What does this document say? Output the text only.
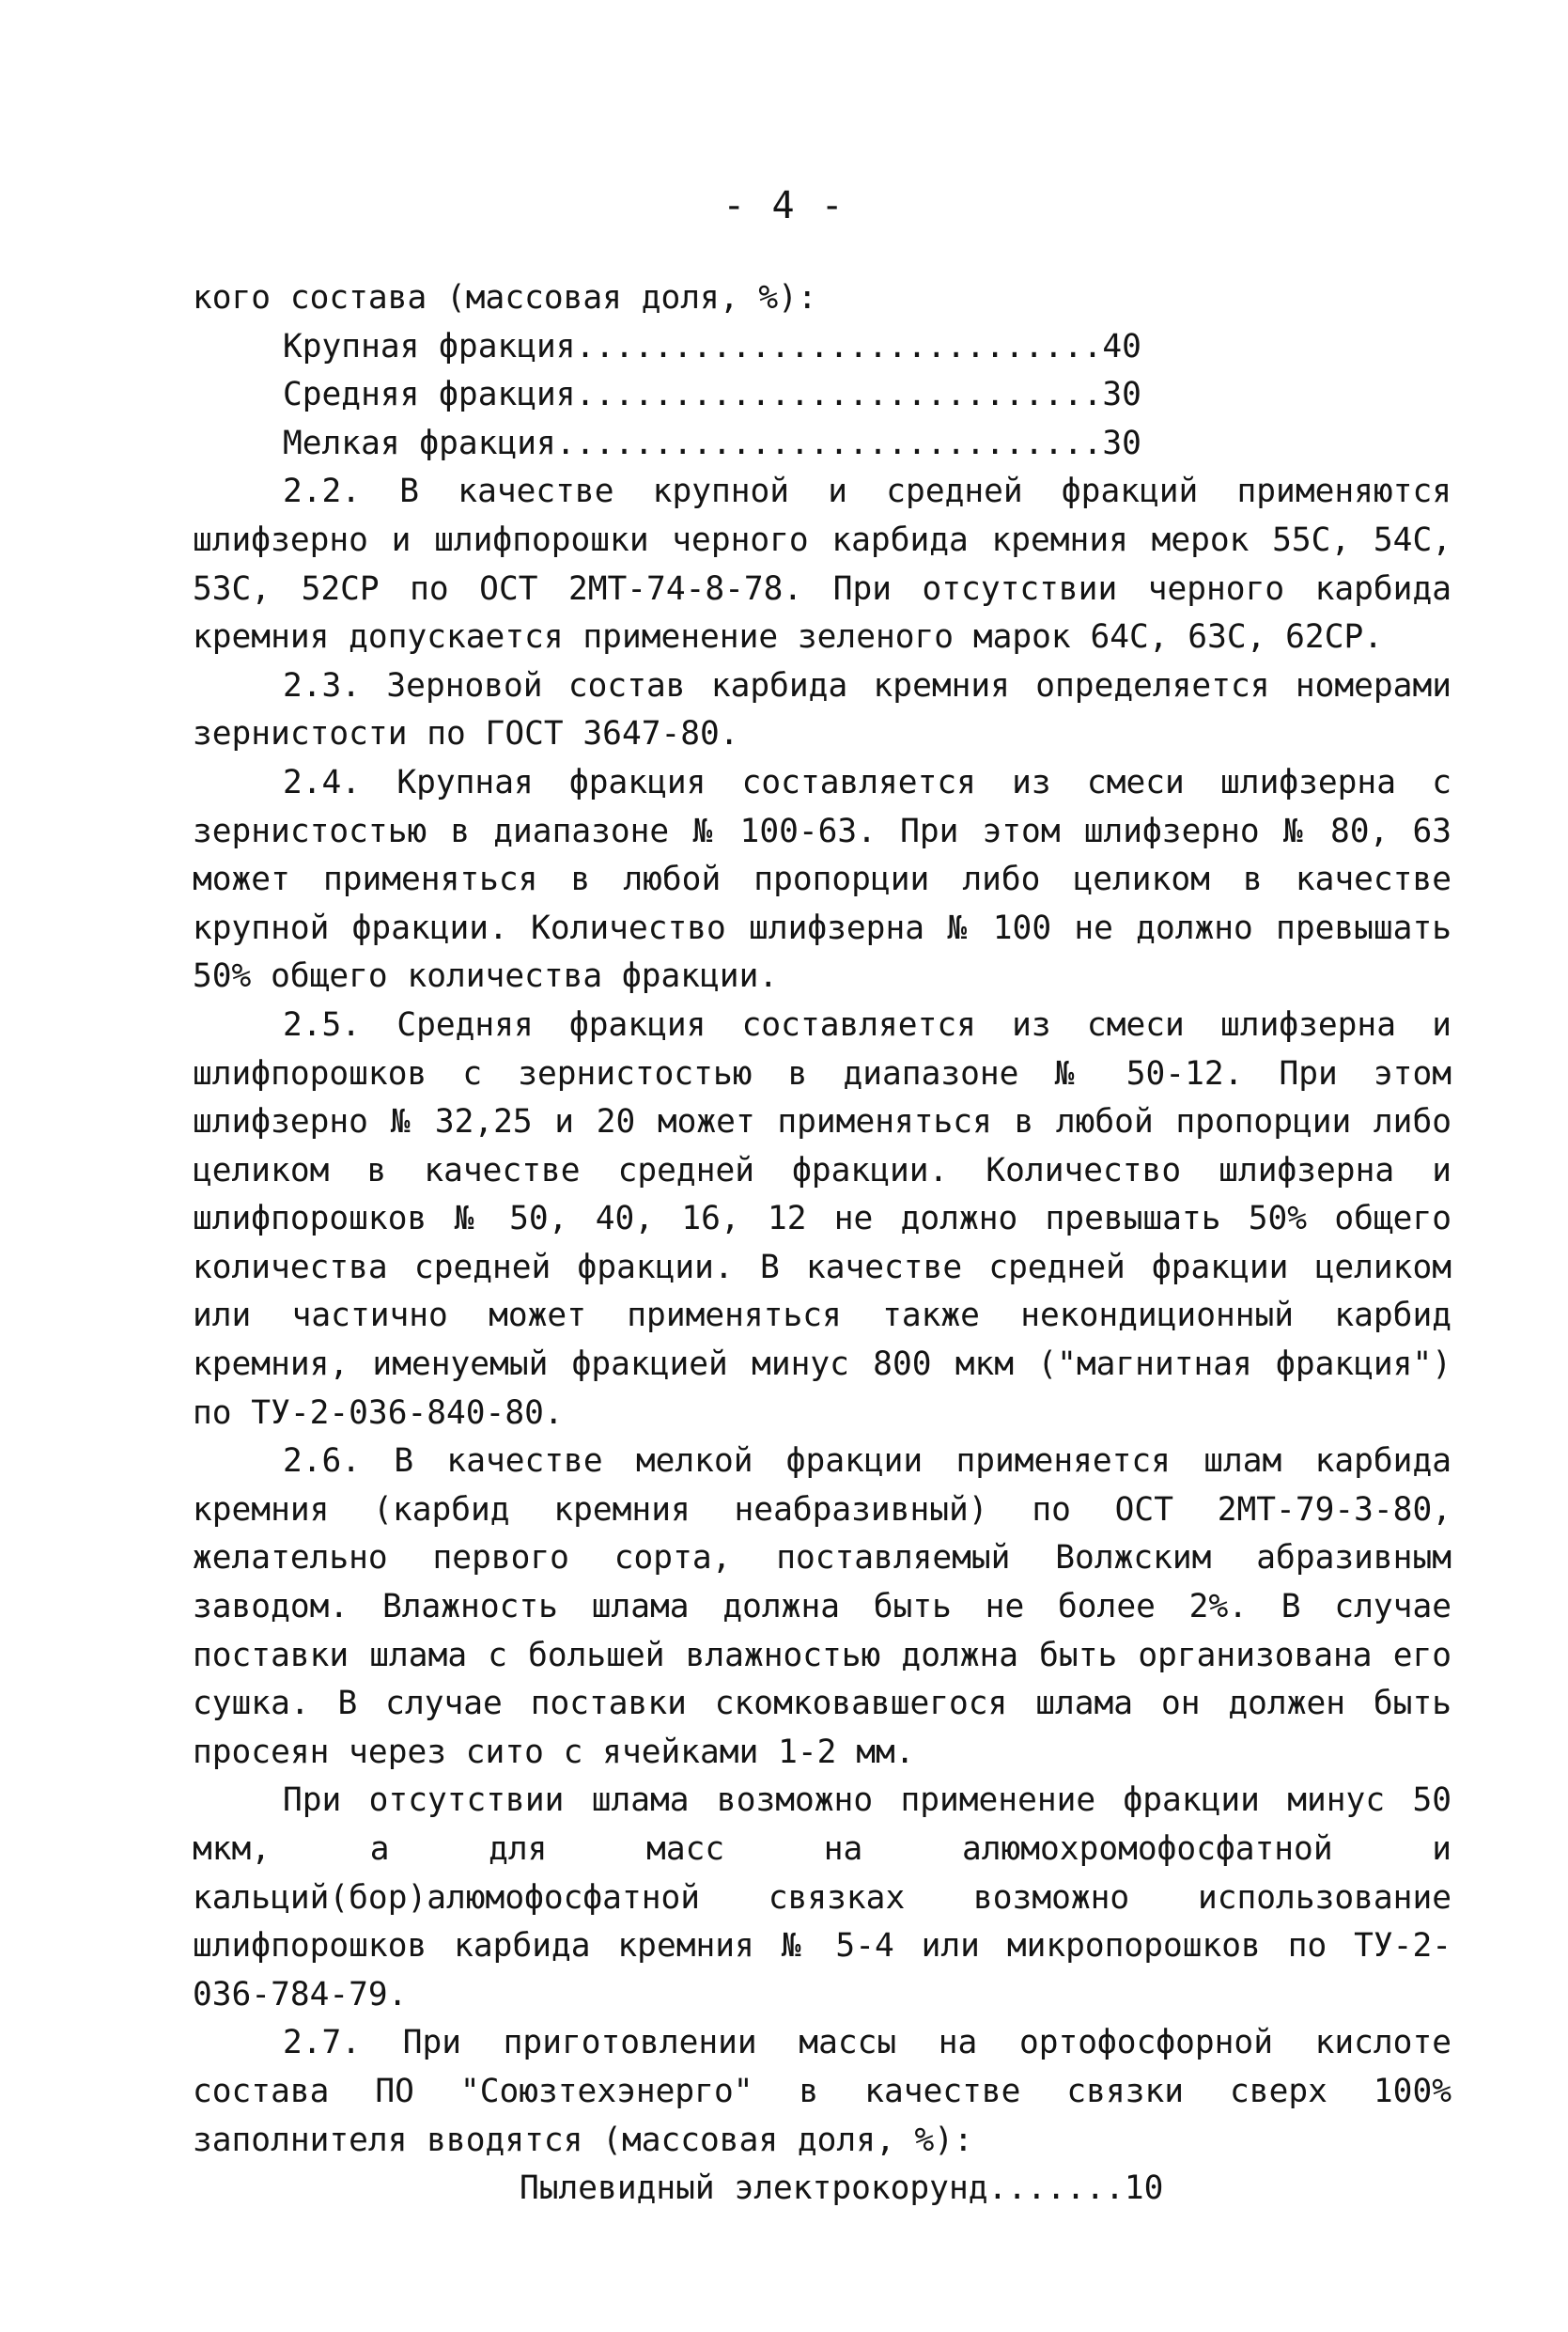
- 4 -

кого состава (массовая доля, %):

Крупная фракция...........................40

Средняя фракция...........................30

Мелкая фракция............................30

2.2. В качестве крупной и средней фракций применяются шлифзерно и шлифпорошки черного карбида кремния мерок 55С, 54С, 53С, 52СР по ОСТ 2МТ-74-8-78. При отсутствии черного карбида кремния допускается применение зеленого марок 64С, 63С, 62СР.

2.3. Зерновой состав карбида кремния определяется номерами зернистости по ГОСТ 3647-80.

2.4. Крупная фракция составляется из смеси шлифзерна с зернистостью в диапазоне № 100-63. При этом шлифзерно № 80, 63 может применяться в любой пропорции либо целиком в качестве крупной фракции. Количество шлифзерна № 100 не должно превышать 50% общего количества фракции.

2.5. Средняя фракция составляется из смеси шлифзерна и шлифпорошков с зернистостью в диапазоне № 50-12. При этом шлифзерно № 32,25 и 20 может применяться в любой пропорции либо целиком в качестве средней фракции. Количество шлифзерна и шлифпорошков № 50, 40, 16, 12 не должно превышать 50% общего количества средней фракции. В качестве средней фракции целиком или частично может применяться также некондиционный карбид кремния, именуемый фракцией минус 800 мкм ("магнитная фракция") по ТУ-2-036-840-80.

2.6. В качестве мелкой фракции применяется шлам карбида кремния (карбид кремния неабразивный) по ОСТ 2МТ-79-3-80, желательно первого сорта, поставляемый Волжским абразивным заводом. Влажность шлама должна быть не более 2%. В случае поставки шлама с большей влажностью должна быть организована его сушка. В случае поставки скомковавшегося шлама он должен быть просеян через сито с ячейками 1-2 мм.

При отсутствии шлама возможно применение фракции минус 50 мкм, а для масс на алюмохромофосфатной и кальций(бор)алюмофосфатной связках возможно использование шлифпорошков карбида кремния № 5-4 или микропорошков по ТУ-2-036-784-79.

2.7. При приготовлении массы на ортофосфорной кислоте состава ПО "Союзтехэнерго" в качестве связки сверх 100% заполнителя вводятся (массовая доля, %):

Пылевидный электрокорунд.......10
